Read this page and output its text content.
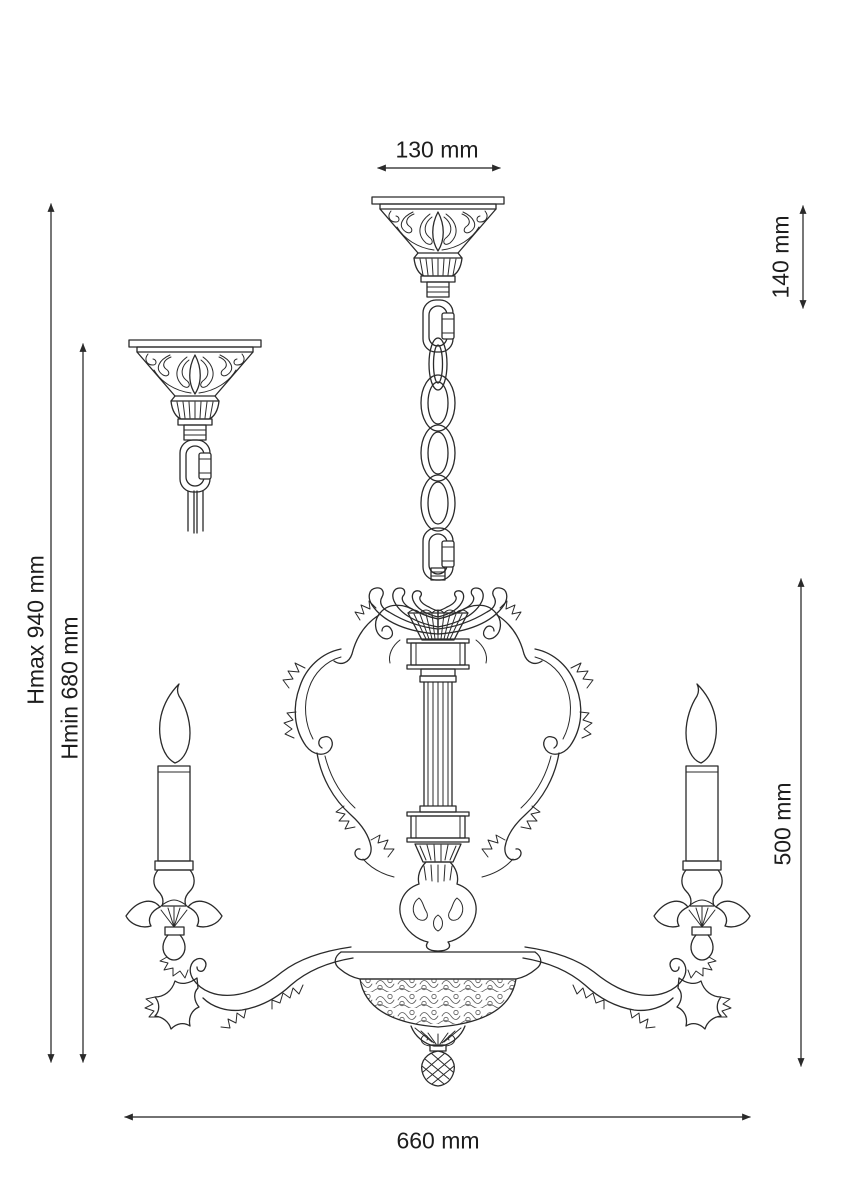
130 mm
140 mm
Hmax 940 mm Hmin 680 mm
500 mm
660 mm
